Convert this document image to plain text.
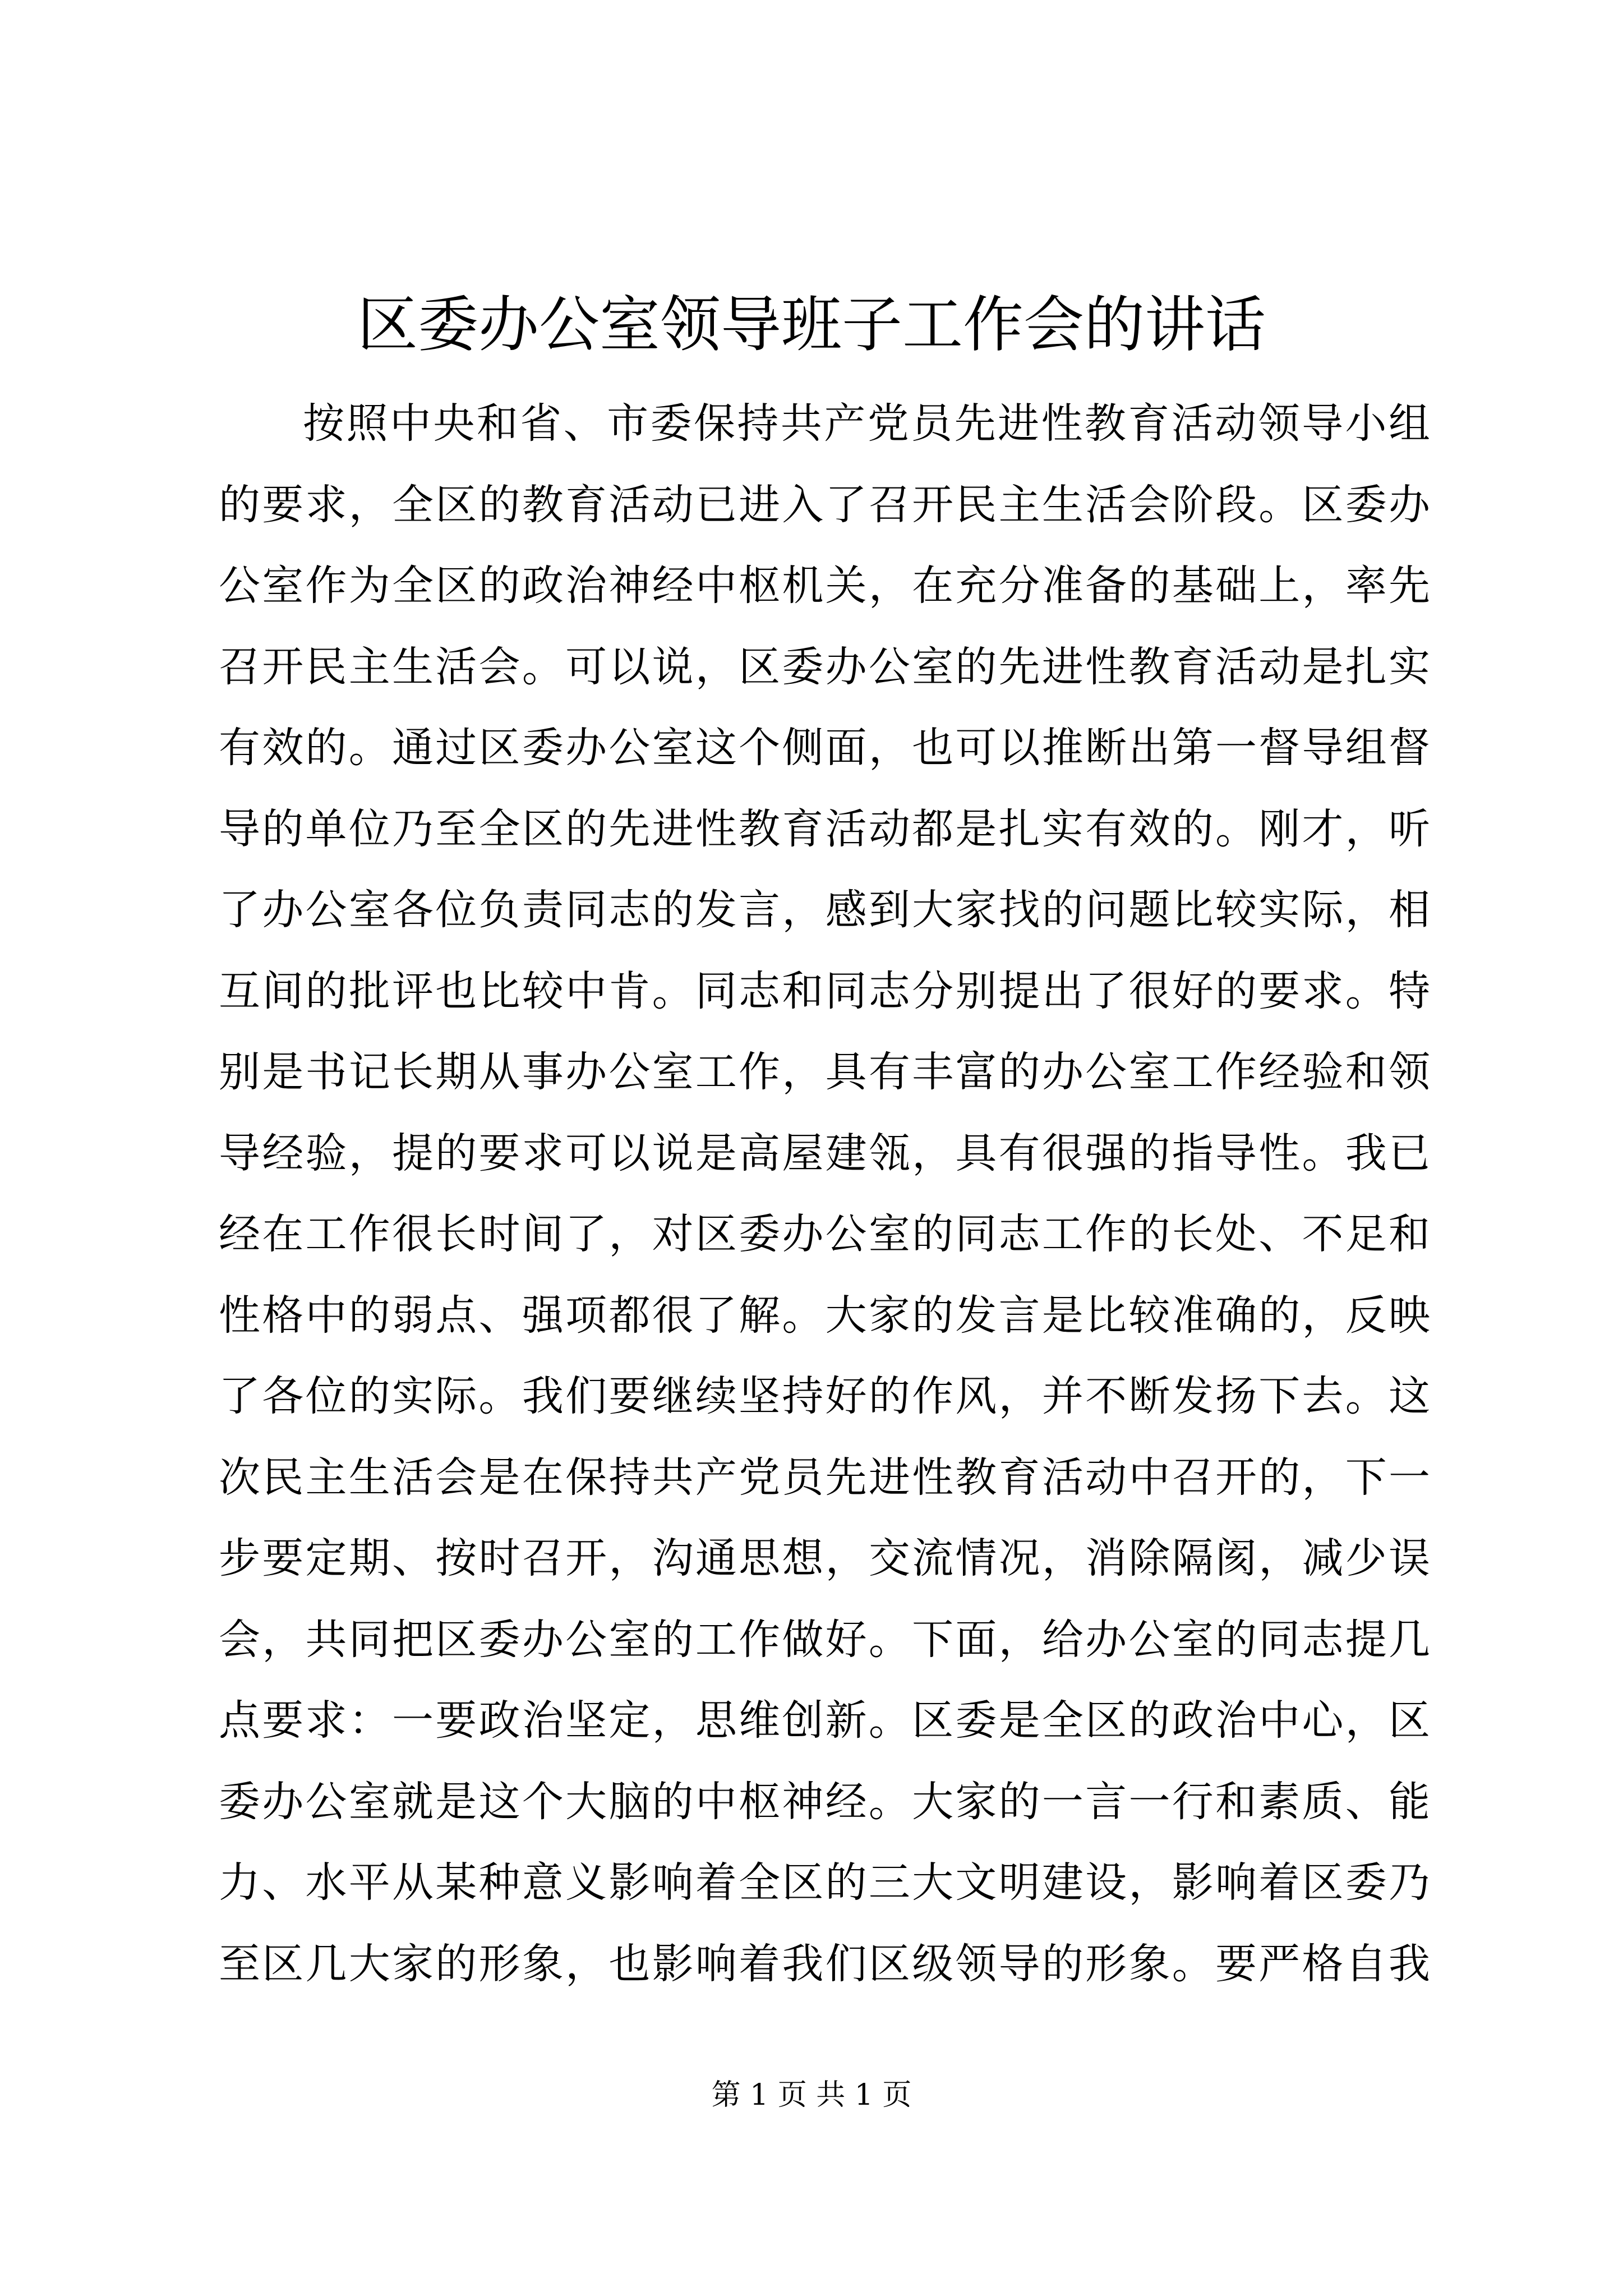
区委办公室领导班子工作会的讲话
按照中央和省、市委保持共产党员先进性教育活动领导小组
的要求，全区的教育活动已进入了召开民主生活会阶段。区委办
公室作为全区的政治神经中枢机关，在充分准备的基础上，率先
召开民主生活会。可以说，区委办公室的先进性教育活动是扎实
有效的。通过区委办公室这个侧面，也可以推断出第一督导组督
导的单位乃至全区的先进性教育活动都是扎实有效的。刚才，听
了办公室各位负责同志的发言，感到大家找的问题比较实际，相
互间的批评也比较中肯。同志和同志分别提出了很好的要求。特
别是书记长期从事办公室工作，具有丰富的办公室工作经验和领
导经验，提的要求可以说是高屋建瓴，具有很强的指导性。我已
经在工作很长时间了，对区委办公室的同志工作的长处、不足和
性格中的弱点、强项都很了解。大家的发言是比较准确的，反映
了各位的实际。我们要继续坚持好的作风，并不断发扬下去。这
次民主生活会是在保持共产党员先进性教育活动中召开的，下一
步要定期、按时召开，沟通思想，交流情况，消除隔阂，减少误
会，共同把区委办公室的工作做好。下面，给办公室的同志提几
点要求：一要政治坚定，思维创新。区委是全区的政治中心，区
委办公室就是这个大脑的中枢神经。大家的一言一行和素质、能
力、水平从某种意义影响着全区的三大文明建设，影响着区委乃
至区几大家的形象，也影响着我们区级领导的形象。要严格自我
第 1 页 共 1 页
